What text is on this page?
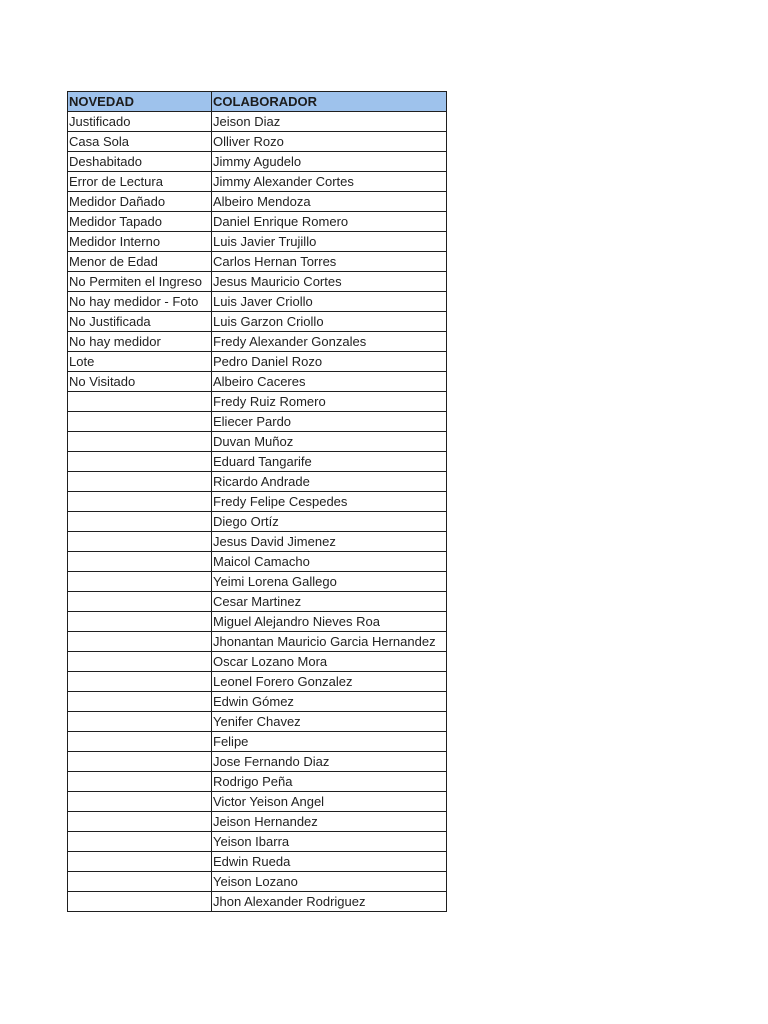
NOVEDAD	COLABORADOR
Justificado	Jeison Diaz
Casa Sola	Olliver Rozo
Deshabitado	Jimmy Agudelo
Error de Lectura	Jimmy Alexander Cortes
Medidor Dañado	Albeiro Mendoza
Medidor Tapado	Daniel Enrique Romero
Medidor Interno	Luis Javier Trujillo
Menor de Edad	Carlos Hernan Torres
No Permiten el Ingreso	Jesus Mauricio Cortes
No hay medidor - Foto	Luis Javer Criollo
No Justificada	Luis Garzon Criollo
No hay medidor	Fredy Alexander Gonzales
Lote	Pedro Daniel Rozo
No Visitado	Albeiro Caceres
	Fredy Ruiz Romero
	Eliecer Pardo
	Duvan Muñoz
	Eduard Tangarife
	Ricardo Andrade
	Fredy Felipe Cespedes
	Diego Ortíz
	Jesus David Jimenez
	Maicol Camacho
	Yeimi Lorena Gallego
	Cesar Martinez
	Miguel Alejandro Nieves Roa
	Jhonantan Mauricio Garcia Hernandez
	Oscar Lozano Mora
	Leonel Forero Gonzalez
	Edwin Gómez
	Yenifer Chavez
	Felipe
	Jose Fernando Diaz
	Rodrigo Peña
	Victor Yeison Angel
	Jeison Hernandez
	Yeison Ibarra
	Edwin Rueda
	Yeison Lozano
	Jhon Alexander Rodriguez
